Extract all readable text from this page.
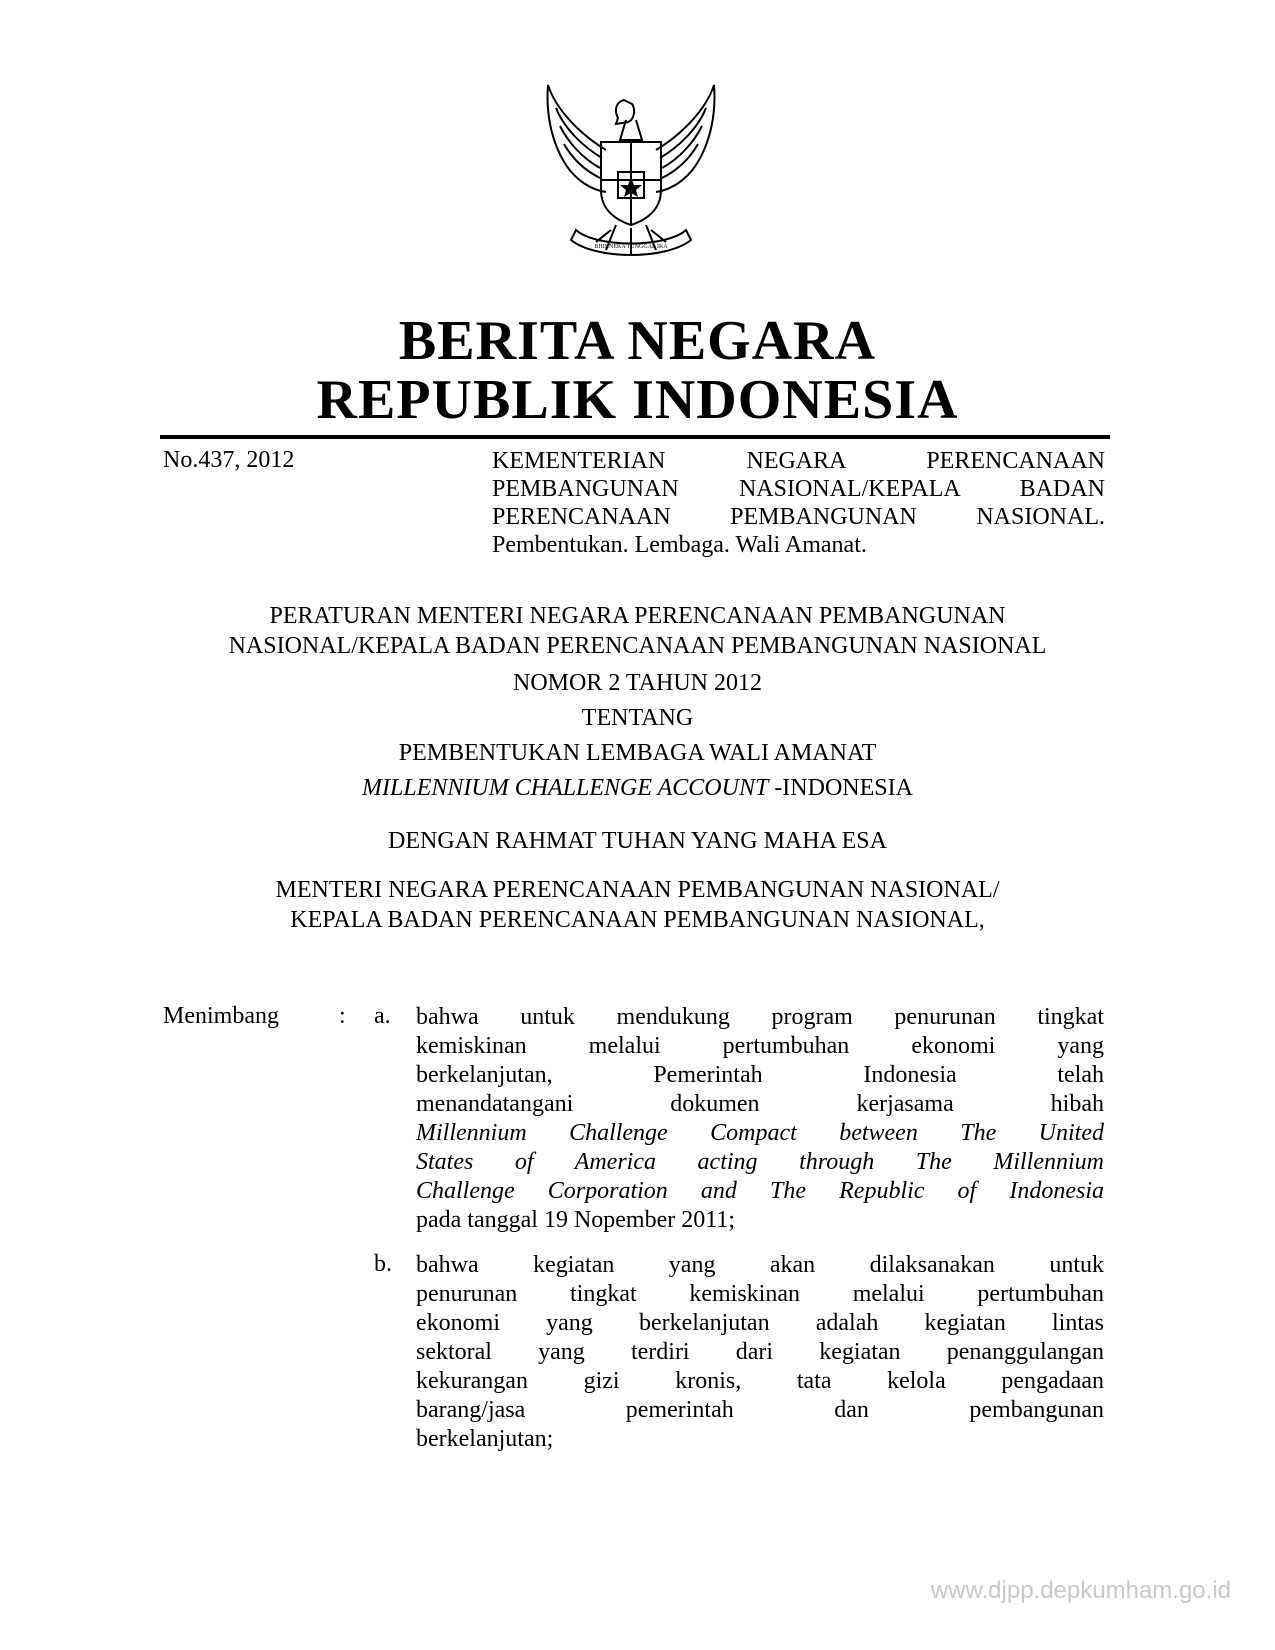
BHINNEKA TUNGGAL IKA
BERITA NEGARA
REPUBLIK INDONESIA
No.437, 2012	KEMENTERIAN NEGARA PERENCANAAN
PEMBANGUNAN NASIONAL/KEPALA BADAN
PERENCANAAN PEMBANGUNAN NASIONAL.
Pembentukan. Lembaga. Wali Amanat.
PERATURAN MENTERI NEGARA PERENCANAAN PEMBANGUNAN
NASIONAL/KEPALA BADAN PERENCANAAN PEMBANGUNAN NASIONAL
NOMOR 2 TAHUN 2012
TENTANG
PEMBENTUKAN LEMBAGA WALI AMANAT
MILLENNIUM CHALLENGE ACCOUNT -INDONESIA
DENGAN RAHMAT TUHAN YANG MAHA ESA
MENTERI NEGARA PERENCANAAN PEMBANGUNAN NASIONAL/
KEPALA BADAN PERENCANAAN PEMBANGUNAN NASIONAL,
Menimbang	: a. bahwa untuk mendukung program penurunan tingkat
kemiskinan melalui pertumbuhan ekonomi yang
berkelanjutan, Pemerintah Indonesia telah
menandatangani dokumen kerjasama hibah
Millennium Challenge Compact between The United
States of America acting through The Millennium
Challenge Corporation and The Republic of Indonesia
pada tanggal 19 Nopember 2011;
b. bahwa kegiatan yang akan dilaksanakan untuk
penurunan tingkat kemiskinan melalui pertumbuhan
ekonomi yang berkelanjutan adalah kegiatan lintas
sektoral yang terdiri dari kegiatan penanggulangan
kekurangan gizi kronis, tata kelola pengadaan
barang/jasa pemerintah dan pembangunan
berkelanjutan;
www.djpp.depkumham.go.id
